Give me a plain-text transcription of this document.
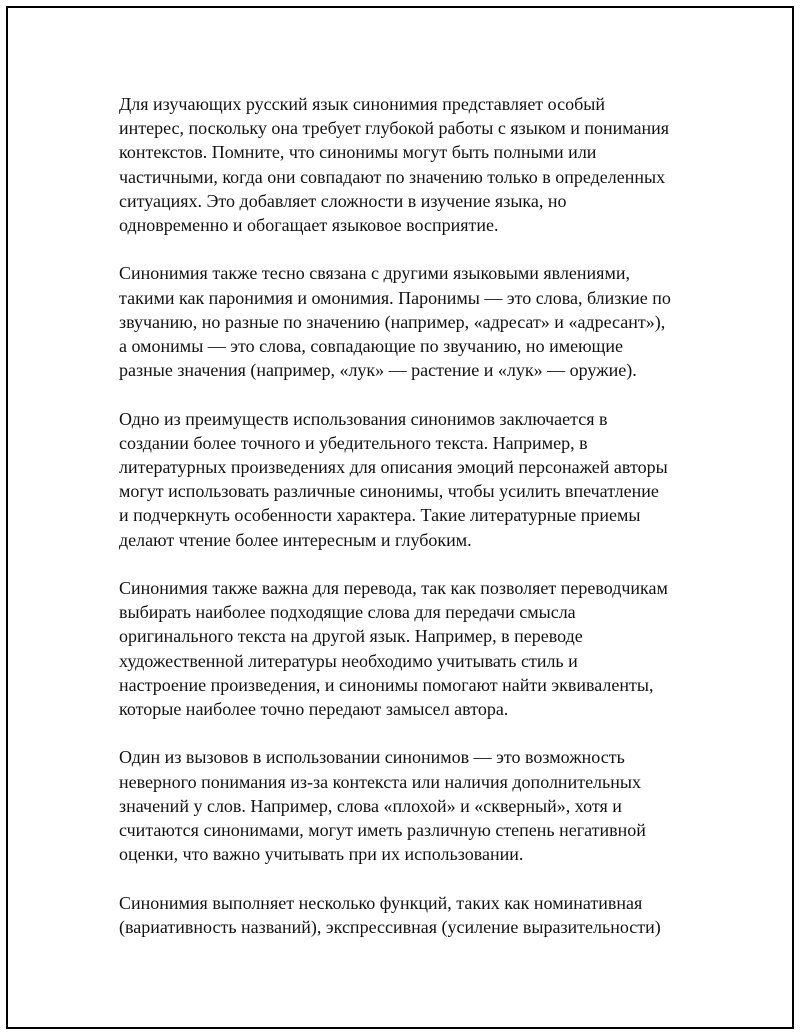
Для изучающих русский язык синонимия представляет особый
интерес, поскольку она требует глубокой работы с языком и понимания
контекстов. Помните, что синонимы могут быть полными или
частичными, когда они совпадают по значению только в определенных
ситуациях. Это добавляет сложности в изучение языка, но
одновременно и обогащает языковое восприятие.

Синонимия также тесно связана с другими языковыми явлениями,
такими как паронимия и омонимия. Паронимы — это слова, близкие по
звучанию, но разные по значению (например, «адресат» и «адресант»),
а омонимы — это слова, совпадающие по звучанию, но имеющие
разные значения (например, «лук» — растение и «лук» — оружие).

Одно из преимуществ использования синонимов заключается в
создании более точного и убедительного текста. Например, в
литературных произведениях для описания эмоций персонажей авторы
могут использовать различные синонимы, чтобы усилить впечатление
и подчеркнуть особенности характера. Такие литературные приемы
делают чтение более интересным и глубоким.

Синонимия также важна для перевода, так как позволяет переводчикам
выбирать наиболее подходящие слова для передачи смысла
оригинального текста на другой язык. Например, в переводе
художественной литературы необходимо учитывать стиль и
настроение произведения, и синонимы помогают найти эквиваленты,
которые наиболее точно передают замысел автора.

Один из вызовов в использовании синонимов — это возможность
неверного понимания из-за контекста или наличия дополнительных
значений у слов. Например, слова «плохой» и «скверный», хотя и
считаются синонимами, могут иметь различную степень негативной
оценки, что важно учитывать при их использовании.

Синонимия выполняет несколько функций, таких как номинативная
(вариативность названий), экспрессивная (усиление выразительности)
